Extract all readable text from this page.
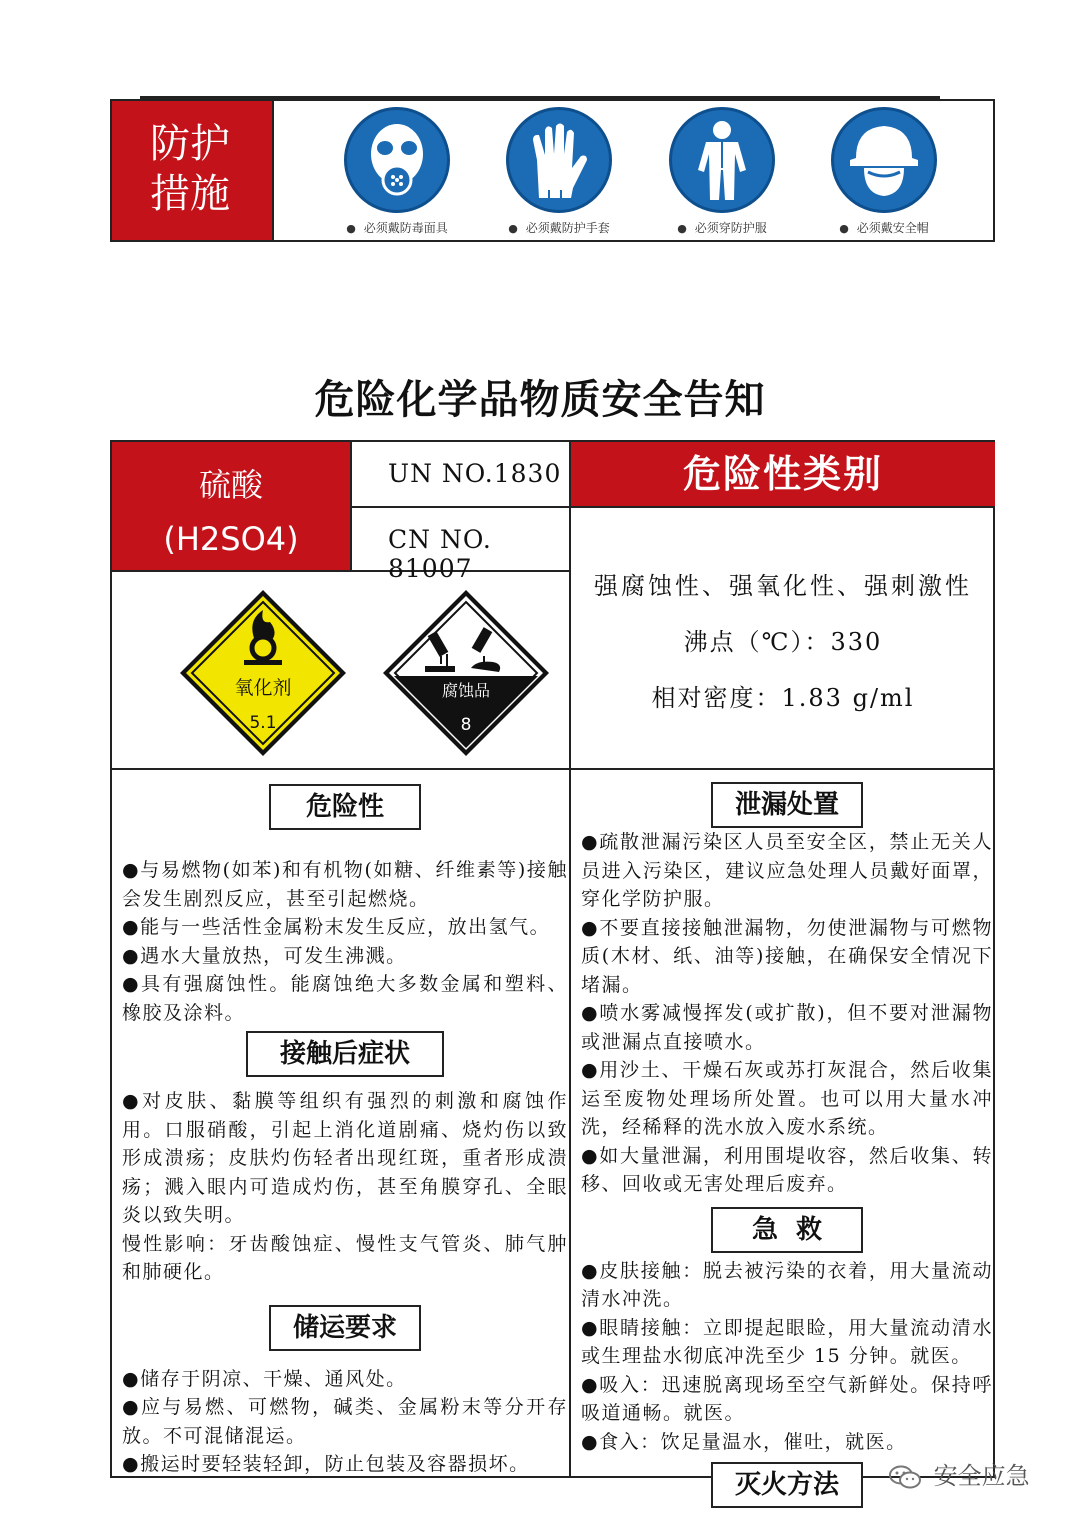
防护
措施
● 必须戴防毒面具	● 必须戴防护手套	● 必须穿防护服	● 必须戴安全帽
危险化学品物质安全告知
硫酸
(H2SO4)
UN NO.1830
CN NO. 81007
危险性类别
强腐蚀性、强氧化性、强刺激性
沸点（℃）：330
相对密度：1.83 g/ml
氧化剂
5.1
腐蚀品
8
危险性
●与易燃物(如苯)和有机物(如糖、纤维素等)接触会发生剧烈反应，甚至引起燃烧。
●能与一些活性金属粉末发生反应，放出氢气。
●遇水大量放热，可发生沸溅。
●具有强腐蚀性。能腐蚀绝大多数金属和塑料、橡胶及涂料。
接触后症状
●对皮肤、黏膜等组织有强烈的刺激和腐蚀作用。口服硝酸，引起上消化道剧痛、烧灼伤以致形成溃疡；皮肤灼伤轻者出现红斑，重者形成溃疡；溅入眼内可造成灼伤，甚至角膜穿孔、全眼炎以致失明。
慢性影响：牙齿酸蚀症、慢性支气管炎、肺气肿和肺硬化。
储运要求
●储存于阴凉、干燥、通风处。
●应与易燃、可燃物，碱类、金属粉末等分开存放。不可混储混运。
●搬运时要轻装轻卸，防止包装及容器损坏。
泄漏处置
●疏散泄漏污染区人员至安全区，禁止无关人员进入污染区，建议应急处理人员戴好面罩，穿化学防护服。
●不要直接接触泄漏物，勿使泄漏物与可燃物质(木材、纸、油等)接触，在确保安全情况下堵漏。
●喷水雾减慢挥发(或扩散)，但不要对泄漏物或泄漏点直接喷水。
●用沙土、干燥石灰或苏打灰混合，然后收集运至废物处理场所处置。也可以用大量水冲洗，经稀释的洗水放入废水系统。
●如大量泄漏，利用围堤收容，然后收集、转移、回收或无害处理后废弃。
急  救
●皮肤接触：脱去被污染的衣着，用大量流动清水冲洗。
●眼睛接触：立即提起眼睑，用大量流动清水或生理盐水彻底冲洗至少 15 分钟。就医。
●吸入：迅速脱离现场至空气新鲜处。保持呼吸道通畅。就医。
●食入：饮足量温水，催吐，就医。
灭火方法	安全应急
